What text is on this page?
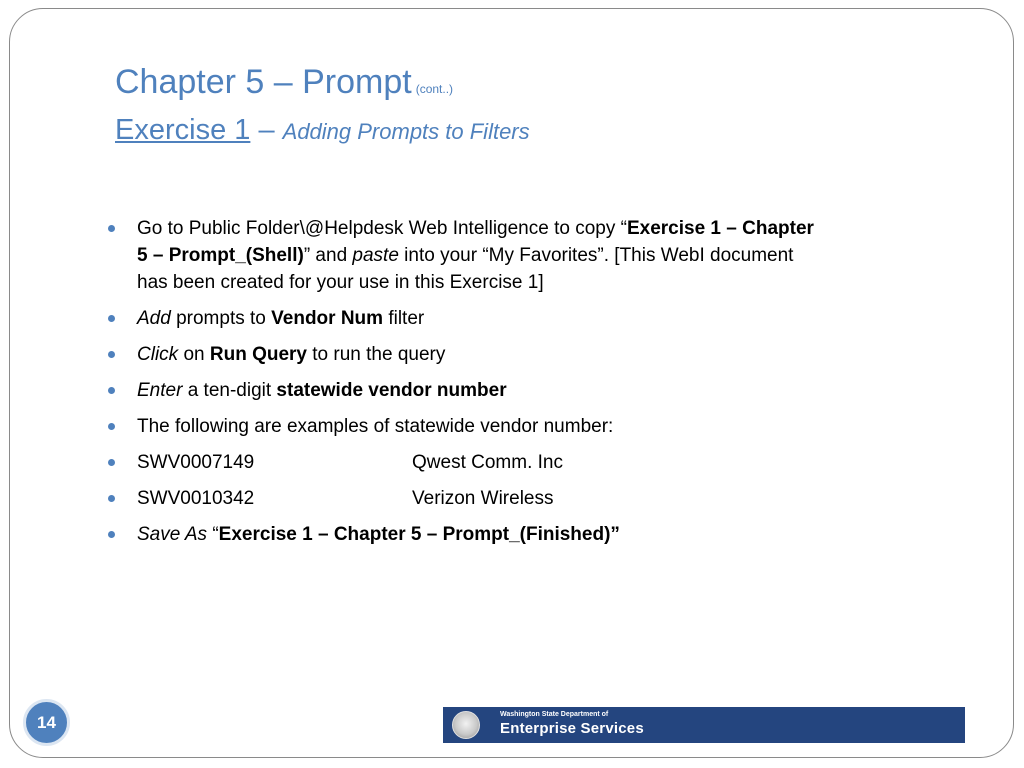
Chapter 5 – Prompt (cont..)
Exercise 1 – Adding Prompts to Filters
Go to Public Folder\@Helpdesk Web Intelligence to copy “Exercise 1 – Chapter 5 – Prompt_(Shell)” and paste into your “My Favorites”. [This WebI document has been created for your use in this Exercise 1]
Add prompts to Vendor Num filter
Click on Run Query to run the query
Enter a ten-digit statewide vendor number
The following are examples of statewide vendor number:
SWV0007149	Qwest Comm. Inc
SWV0010342	Verizon Wireless
Save As “Exercise 1 – Chapter 5 – Prompt_(Finished)”
14	Washington State Department of
Enterprise Services
